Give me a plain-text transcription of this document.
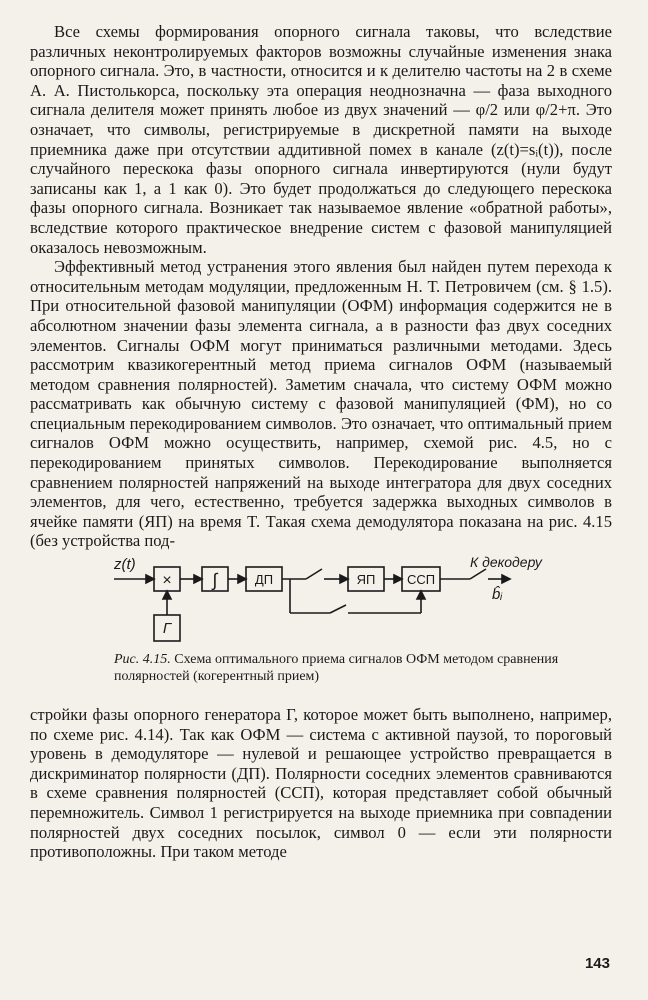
Все схемы формирования опорного сигнала таковы, что вследствие различных неконтролируемых факторов возможны случайные изменения знака опорного сигнала. Это, в частности, относится и к делителю частоты на 2 в схеме А. А. Пистолькорса, поскольку эта операция неоднозначна — фаза выходного сигнала делителя может принять любое из двух значений — φ/2 или φ/2+π. Это означает, что символы, регистрируемые в дискретной памяти на выходе приемника даже при отсутствии аддитивной помех в канале (z(t)=sᵢ(t)), после случайного перескока фазы опорного сигнала инвертируются (нули будут записаны как 1, а 1 как 0). Это будет продолжаться до следующего перескока фазы опорного сигнала. Возникает так называемое явление «обратной работы», вследствие которого практическое внедрение систем с фазовой манипуляцией оказалось невозможным.

Эффективный метод устранения этого явления был найден путем перехода к относительным методам модуляции, предложенным Н. Т. Петровичем (см. § 1.5). При относительной фазовой манипуляции (ОФМ) информация содержится не в абсолютном значении фазы элемента сигнала, а в разности фаз двух соседних элементов. Сигналы ОФМ могут приниматься различными методами. Здесь рассмотрим квазикогерентный метод приема сигналов ОФМ (называемый методом сравнения полярностей). Заметим сначала, что систему ОФМ можно рассматривать как обычную систему с фазовой манипуляцией (ФМ), но со специальным перекодированием символов. Это означает, что оптимальный прием сигналов ОФМ можно осуществить, например, схемой рис. 4.5, но с перекодированием принятых символов. Перекодирование выполняется сравнением полярностей напряжений на выходе интегратора для двух соседних элементов, для чего, естественно, требуется задержка выходных символов в ячейке памяти (ЯП) на время T. Такая схема демодулятора показана на рис. 4.15 (без устройства под-

z(t)
× ∫	ДП	ЯП ССП
Г
К декодеру
b̂ᵢ
Рис. 4.15. Схема оптимального приема сигналов ОФМ методом сравнения полярностей (когерентный прием)

стройки фазы опорного генератора Г, которое может быть выполнено, например, по схеме рис. 4.14). Так как ОФМ — система с активной паузой, то пороговый уровень в демодуляторе — нулевой и решающее устройство превращается в дискриминатор полярности (ДП). Полярности соседних элементов сравниваются в схеме сравнения полярностей (ССП), которая представляет собой обычный перемножитель. Символ 1 регистрируется на выходе приемника при совпадении полярностей двух соседних посылок, символ 0 — если эти полярности противоположны. При таком методе

143
